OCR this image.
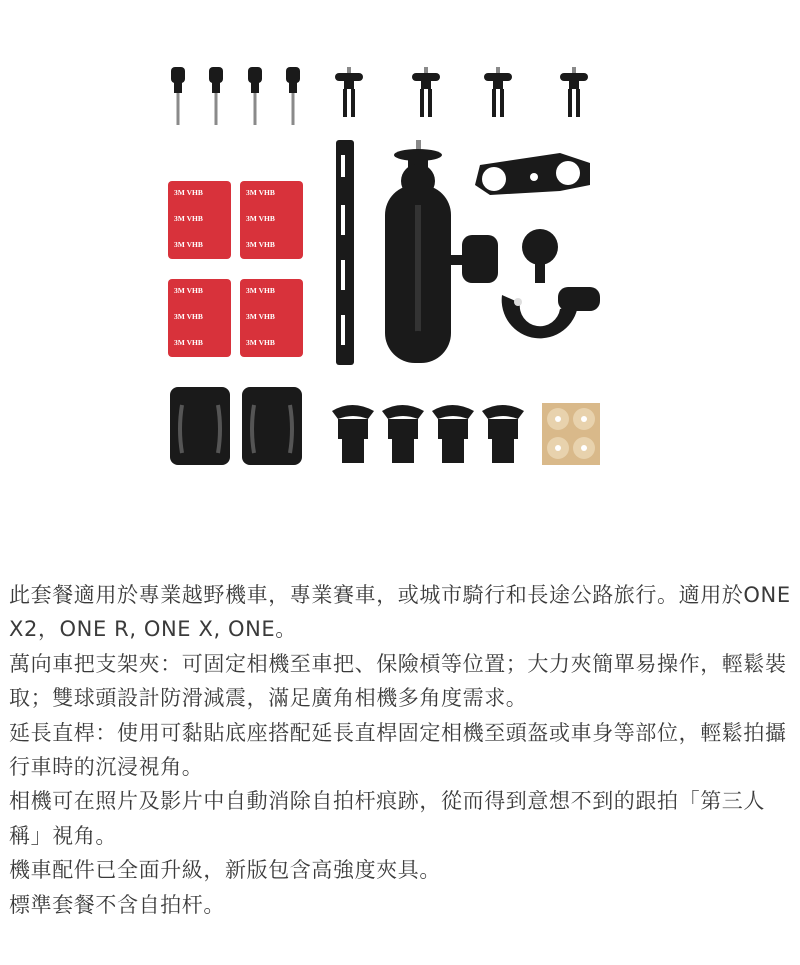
3M VHB
3M VHB
3M VHB
3M VHB
3M VHB
3M VHB
3M VHB
3M VHB
3M VHB
3M VHB
3M VHB
3M VHB

此套餐適用於專業越野機車，專業賽車，或城市騎行和長途公路旅行。適用於ONE X2，ONE R, ONE X, ONE。

萬向車把支架夾：可固定相機至車把、保險槓等位置；大力夾簡單易操作，輕鬆裝取；雙球頭設計防滑減震，滿足廣角相機多角度需求。

延長直桿：使用可黏貼底座搭配延長直桿固定相機至頭盔或車身等部位，輕鬆拍攝行車時的沉浸視角。

相機可在照片及影片中自動消除自拍杆痕跡，從而得到意想不到的跟拍「第三人稱」視角。

機車配件已全面升級，新版包含高強度夾具。

標準套餐不含自拍杆。
